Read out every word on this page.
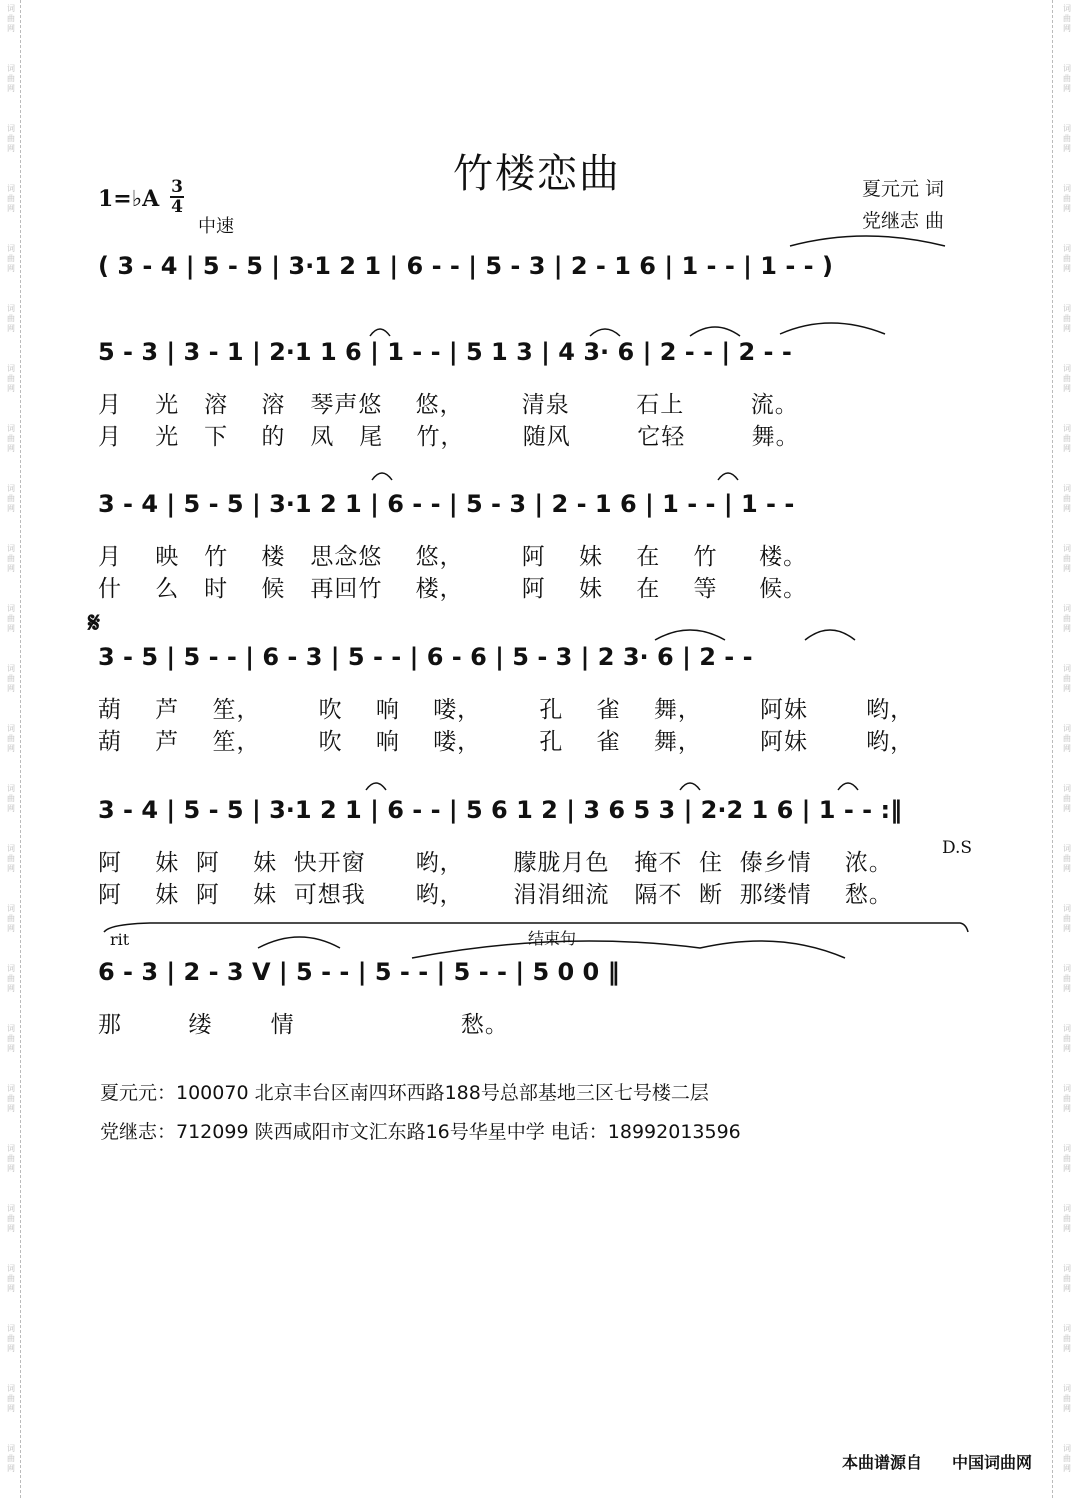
词
曲
网
词
曲
网
词
曲
网
词
曲
网
词
曲
网
词
曲
网
词
曲
网
词
曲
网
词
曲
网
词
曲
网
词
曲
网
词
曲
网
词
曲
网
词
曲
网
词
曲
网
词
曲
网
词
曲
网
词
曲
网
词
曲
网
词
曲
网
词
曲
网
词
曲
网
词
曲
网
词
曲
网
词
曲
网
词
曲
网
词
曲
网
词
曲
网
词
曲
网
词
曲
网
词
曲
网
词
曲
网
词
曲
网
词
曲
网
词
曲
网
词
曲
网
词
曲
网
词
曲
网
词
曲
网
词
曲
网
词
曲
网
词
曲
网
词
曲
网
词
曲
网
词
曲
网
词
曲
网
词
曲
网
词
曲
网
词
曲
网
词
曲
网
竹楼恋曲	夏元元 词
党继志 曲
1=♭A $\frac{3}{4}$
中速
( 3 - 4 | 5 - 5 | 3·1 2 1 | 6 - - | 5 - 3 | 2 - 1 6 | 1 - - | 1 - - )
5 - 3 | 3 - 1 | 2·1 1 6 | 1 - - | 5 1 3 | 4 3· 6 | 2 - - | 2 - -
月    光   溶    溶   琴声悠    悠，       清泉        石上        流。
月    光   下    的   凤   尾    竹，       随风        它轻        舞。
3 - 4 | 5 - 5 | 3·1 2 1 | 6 - - | 5 - 3 | 2 - 1 6 | 1 - - | 1 - -
月    映   竹    楼   思念悠    悠，       阿    妹    在    竹     楼。
什    么   时    候   再回竹    楼，       阿    妹    在    等     候。
𝄋
3 - 5 | 5 - - | 6 - 3 | 5 - - | 6 - 6 | 5 - 3 | 2 3· 6 | 2 - -
葫    芦    笙，       吹    响    喽，       孔    雀    舞，       阿妹       哟，
葫    芦    笙，       吹    响    喽，       孔    雀    舞，       阿妹       哟，
3 - 4 | 5 - 5 | 3·1 2 1 | 6 - - | 5 6 1 2 | 3 6 5 3 | 2·2 1 6 | 1 - - :‖
阿    妹  阿    妹  快开窗      哟，      朦胧月色   掩不  住  傣乡情    浓。
阿    妹  阿    妹  可想我      哟，      涓涓细流   隔不  断  那缕情    愁。
D.S
rit	结束句
6 - 3 | 2 - 3 V | 5 - - | 5 - - | 5 - - | 5 0 0 ‖
那        缕       情                    愁。
夏元元：100070 北京丰台区南四环西路188号总部基地三区七号楼二层
党继志：712099 陕西咸阳市文汇东路16号华星中学 电话：18992013596
本曲谱源自 中国词曲网
